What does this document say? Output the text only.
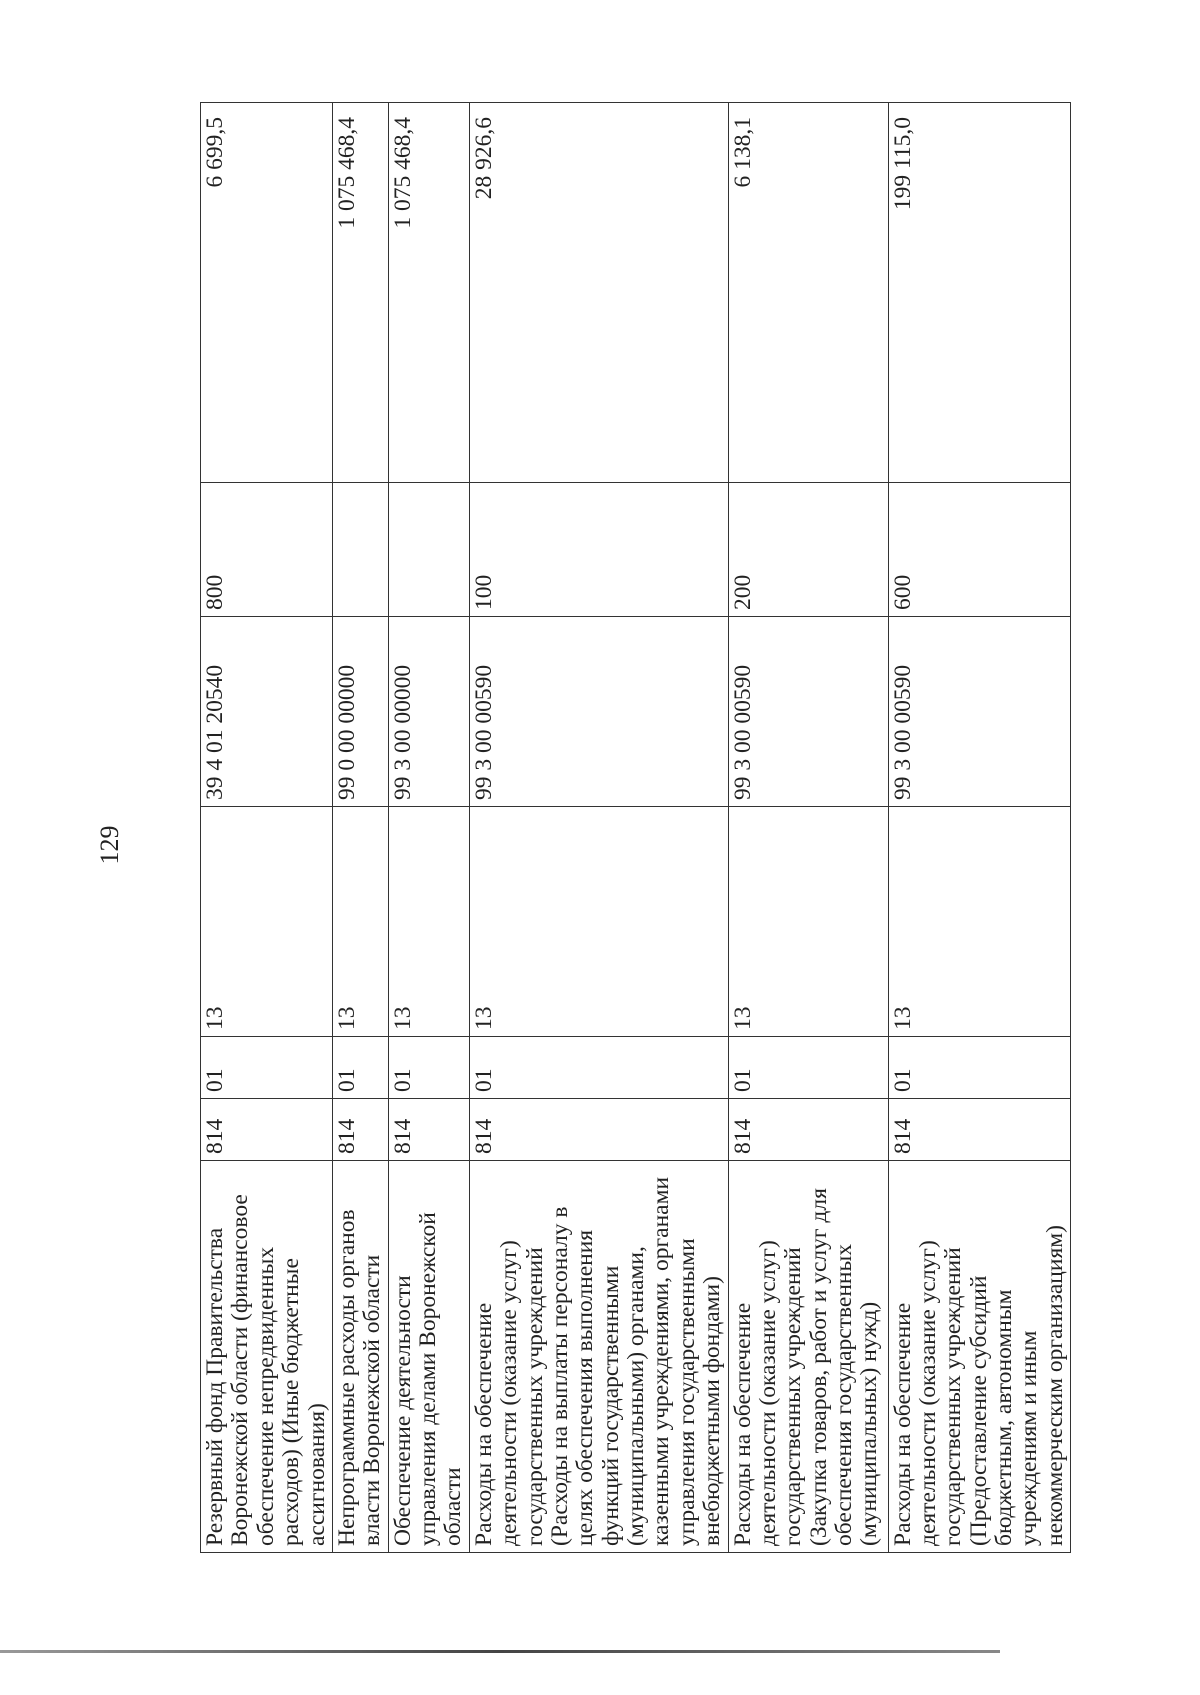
129
Резервный фонд Правительства Воронежской области (финансовое обеспечение непредвиденных расходов) (Иные бюджетные ассигнования)	814	01	13	39 4 01 20540	800	6 699,5
Непрограммные расходы органов власти Воронежской области	814	01	13	99 0 00 00000		1 075 468,4
Обеспечение деятельности управления делами Воронежской области	814	01	13	99 3 00 00000		1 075 468,4
Расходы на обеспечение деятельности (оказание услуг) государственных учреждений (Расходы на выплаты персоналу в целях обеспечения выполнения функций государственными (муниципальными) органами, казенными учреждениями, органами управления государственными внебюджетными фондами)	814	01	13	99 3 00 00590	100	28 926,6
Расходы на обеспечение деятельности (оказание услуг) государственных учреждений (Закупка товаров, работ и услуг для обеспечения государственных (муниципальных) нужд)	814	01	13	99 3 00 00590	200	6 138,1
Расходы на обеспечение деятельности (оказание услуг) государственных учреждений (Предоставление субсидий бюджетным, автономным учреждениям и иным некоммерческим организациям)	814	01	13	99 3 00 00590	600	199 115,0
